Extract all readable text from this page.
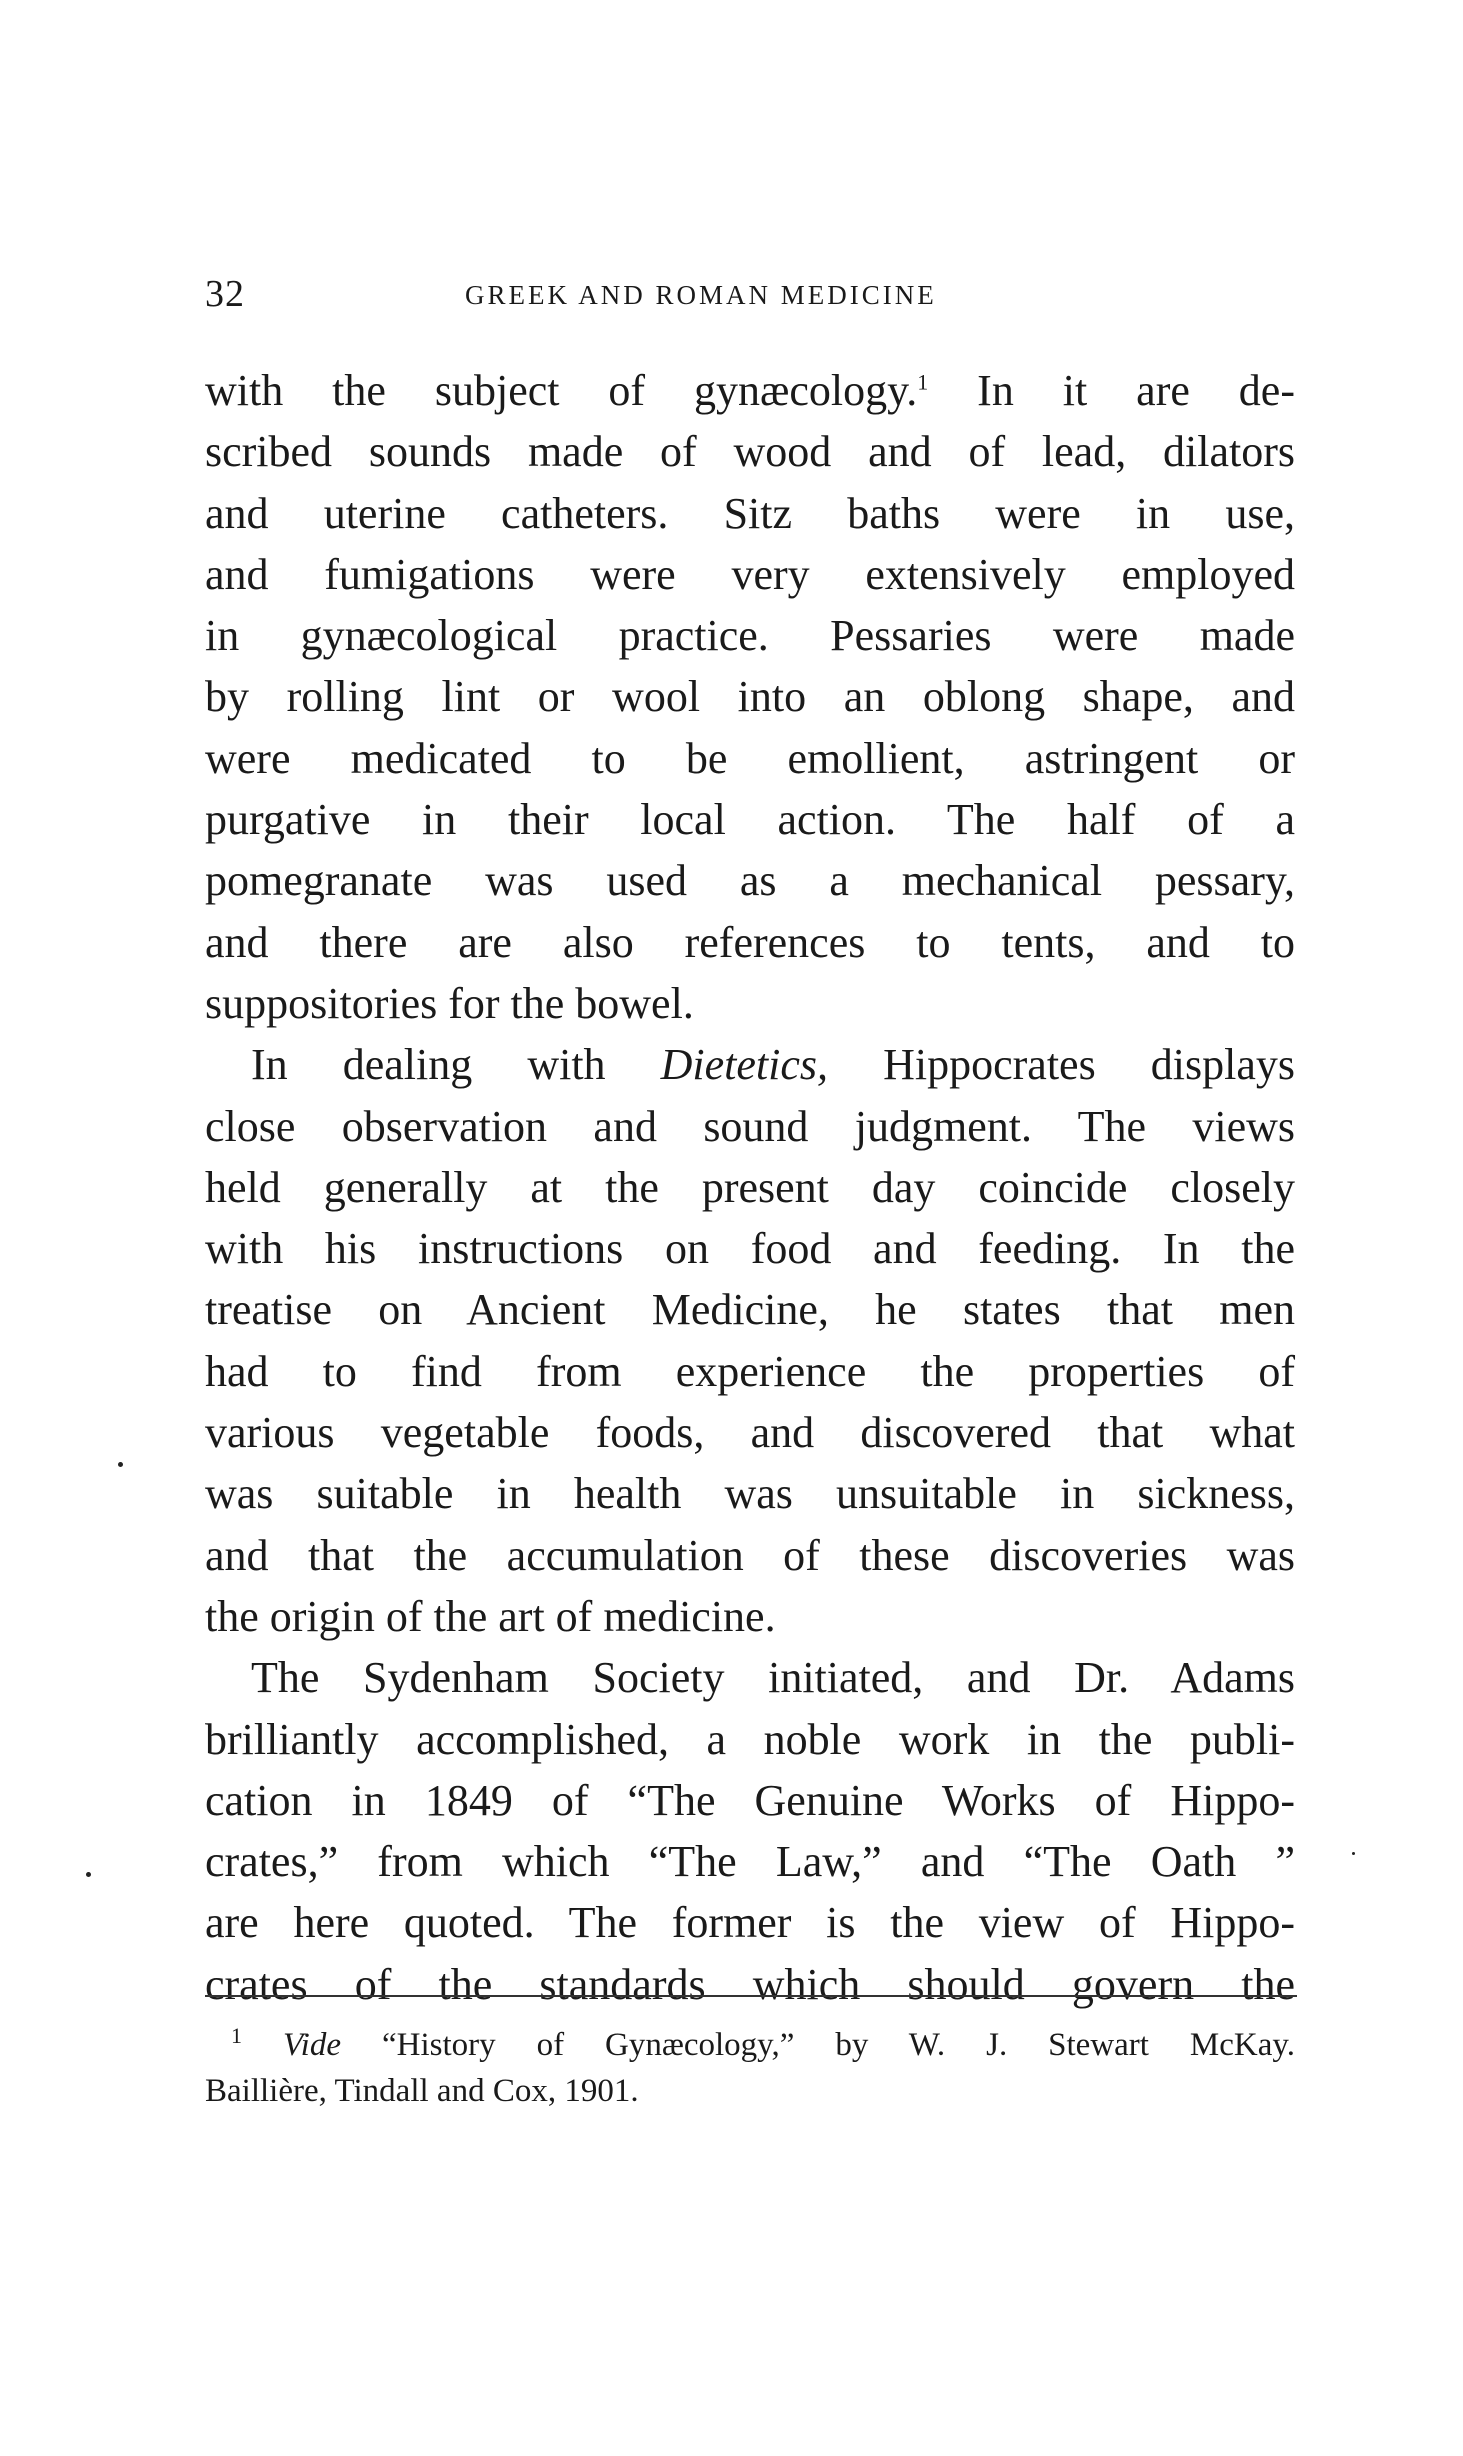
32	GREEK AND ROMAN MEDICINE

with the subject of gynæcology.$^1$ In it are de-
scribed sounds made of wood and of lead, dilators
and uterine catheters. Sitz baths were in use,
and fumigations were very extensively employed
in gynæcological practice. Pessaries were made
by rolling lint or wool into an oblong shape, and
were medicated to be emollient, astringent or
purgative in their local action. The half of a
pomegranate was used as a mechanical pessary,
and there are also references to tents, and to
suppositories for the bowel.

In dealing with Dietetics, Hippocrates displays
close observation and sound judgment. The views
held generally at the present day coincide closely
with his instructions on food and feeding. In the
treatise on Ancient Medicine, he states that men
had to find from experience the properties of
various vegetable foods, and discovered that what
was suitable in health was unsuitable in sickness,
and that the accumulation of these discoveries was
the origin of the art of medicine.

The Sydenham Society initiated, and Dr. Adams
brilliantly accomplished, a noble work in the publi-
cation in 1849 of “The Genuine Works of Hippo-
crates,” from which “The Law,” and “The Oath ”
are here quoted. The former is the view of Hippo-
crates of the standards which should govern the

$^1$ Vide “History of Gynæcology,” by W. J. Stewart McKay.
Baillière, Tindall and Cox, 1901.
